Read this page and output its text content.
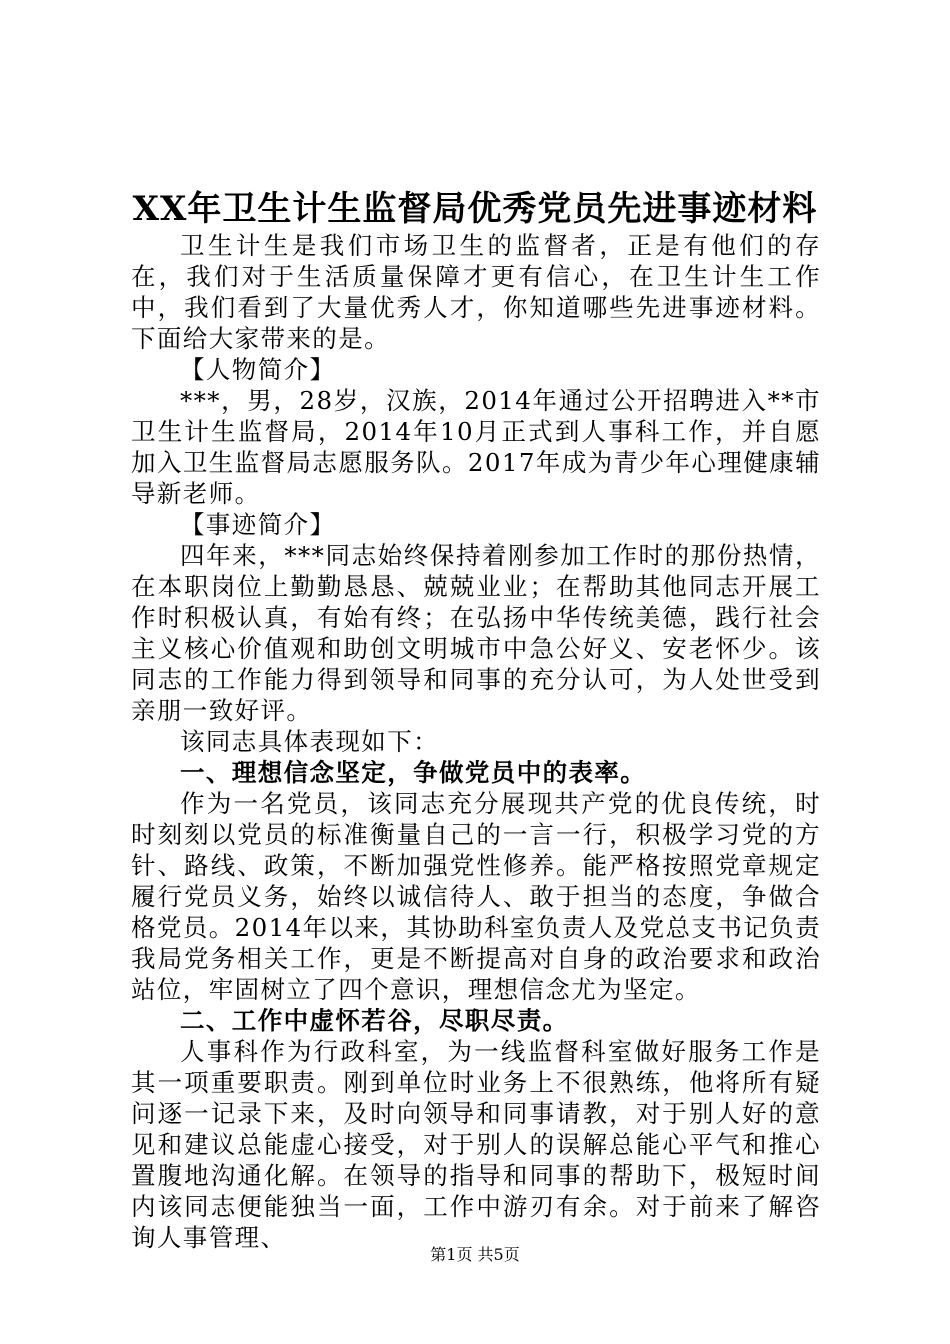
XX年卫生计生监督局优秀党员先进事迹材料

卫生计生是我们市场卫生的监督者，正是有他们的存在，我们对于生活质量保障才更有信心，在卫生计生工作中，我们看到了大量优秀人才，你知道哪些先进事迹材料。下面给大家带来的是。

【人物简介】

***，男，28岁，汉族，2014年通过公开招聘进入**市卫生计生监督局，2014年10月正式到人事科工作，并自愿加入卫生监督局志愿服务队。2017年成为青少年心理健康辅导新老师。

【事迹简介】

四年来，***同志始终保持着刚参加工作时的那份热情，在本职岗位上勤勤恳恳、兢兢业业；在帮助其他同志开展工作时积极认真，有始有终；在弘扬中华传统美德，践行社会主义核心价值观和助创文明城市中急公好义、安老怀少。该同志的工作能力得到领导和同事的充分认可，为人处世受到亲朋一致好评。

该同志具体表现如下：

一、理想信念坚定，争做党员中的表率。

作为一名党员，该同志充分展现共产党的优良传统，时时刻刻以党员的标准衡量自己的一言一行，积极学习党的方针、路线、政策，不断加强党性修养。能严格按照党章规定履行党员义务，始终以诚信待人、敢于担当的态度，争做合格党员。2014年以来，其协助科室负责人及党总支书记负责我局党务相关工作，更是不断提高对自身的政治要求和政治站位，牢固树立了四个意识，理想信念尤为坚定。

二、工作中虚怀若谷，尽职尽责。

人事科作为行政科室，为一线监督科室做好服务工作是其一项重要职责。刚到单位时业务上不很熟练，他将所有疑问逐一记录下来，及时向领导和同事请教，对于别人好的意见和建议总能虚心接受，对于别人的误解总能心平气和推心置腹地沟通化解。在领导的指导和同事的帮助下，极短时间内该同志便能独当一面，工作中游刃有余。对于前来了解咨询人事管理、

第1页 共5页
